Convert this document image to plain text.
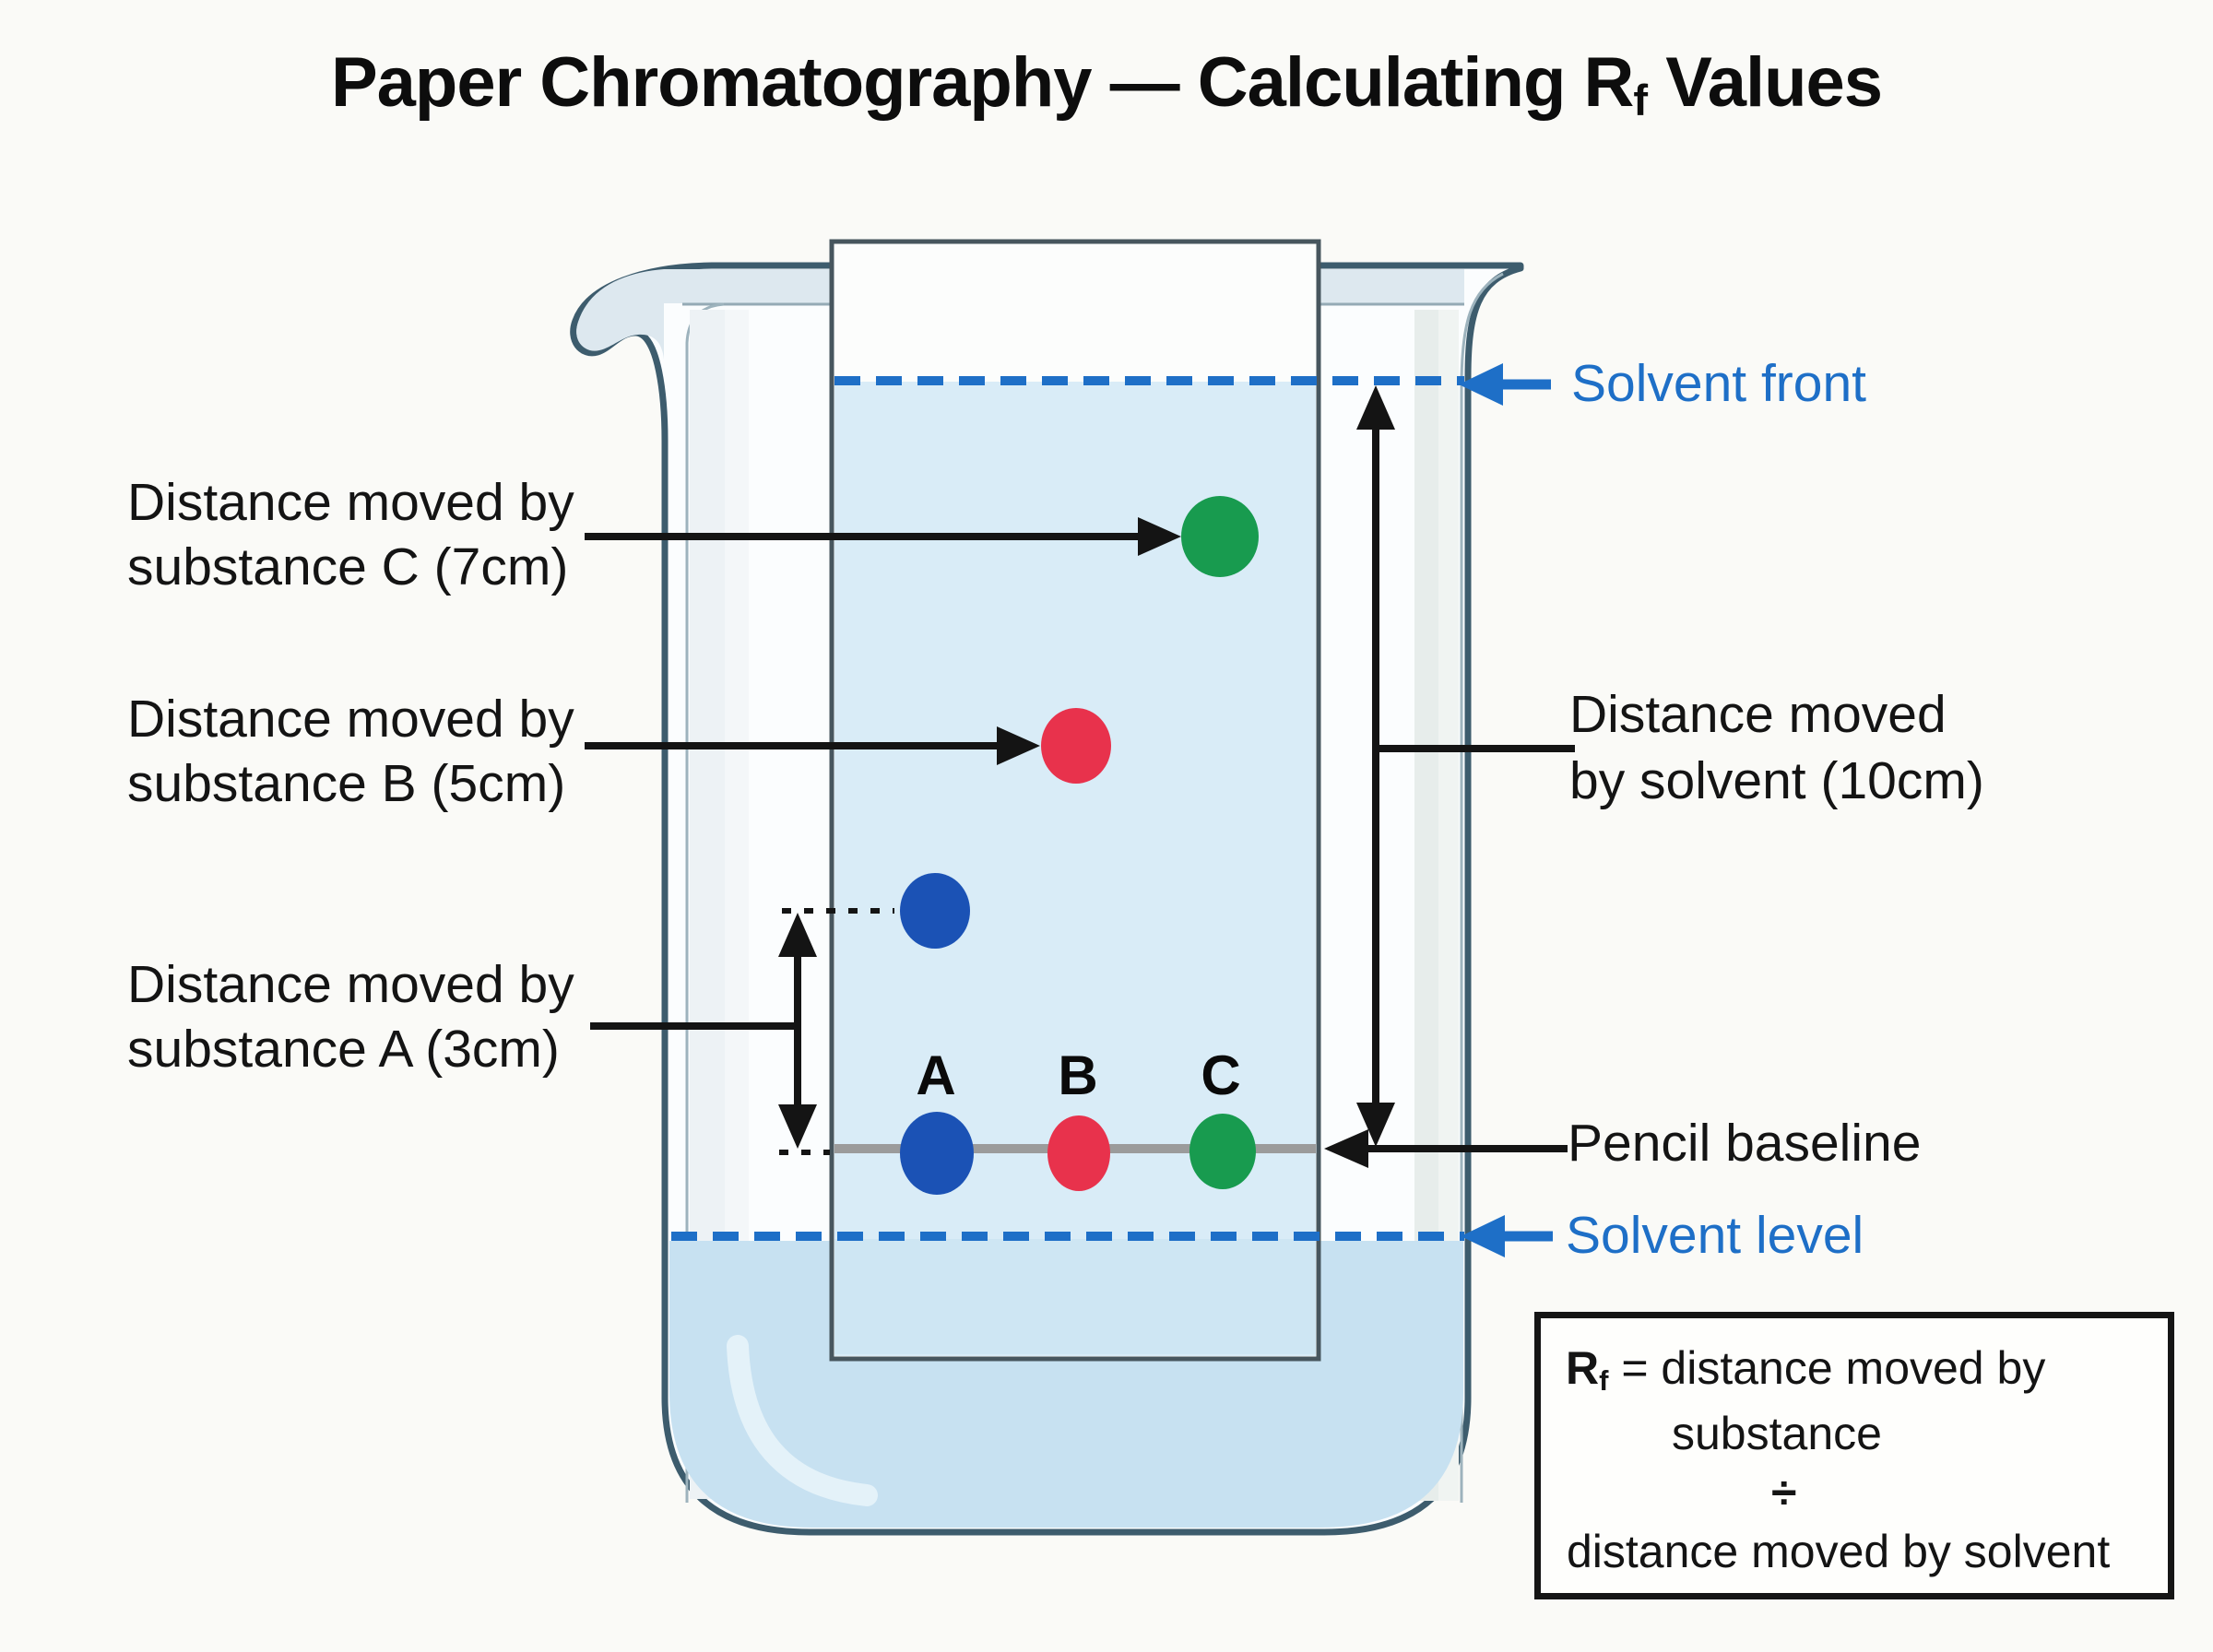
Paper Chromatography — Calculating Rf Values
Distance moved by
substance C (7cm)
Distance moved by
substance B (5cm)
Distance moved by
substance A (3cm)
Solvent front
Distance moved
by solvent (10cm)
Pencil baseline
Solvent level
A B C
Rf = distance moved by
substance
÷
distance moved by solvent
